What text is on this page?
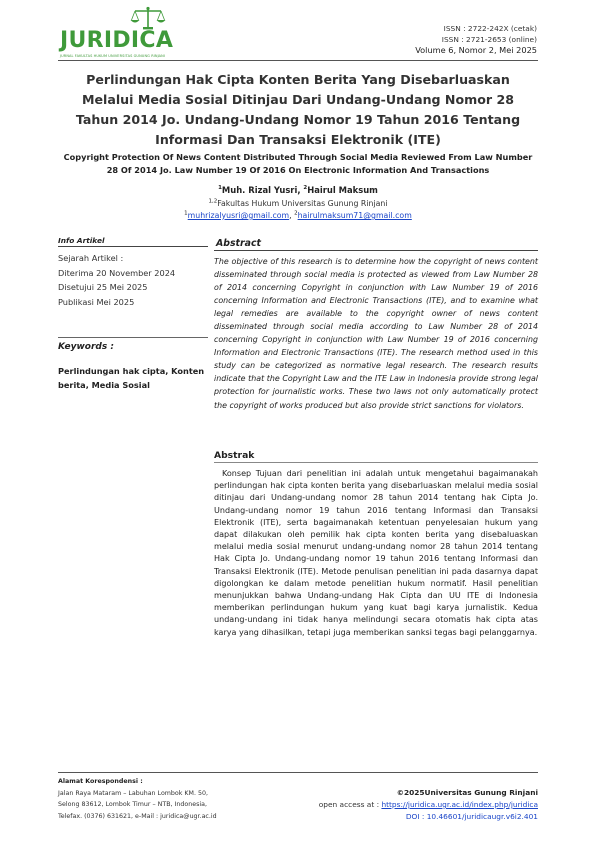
JURIDICA
JURNAL FAKULTAS HUKUM UNIVERSITAS GUNUNG RINJANI
ISSN : 2722-242X (cetak)
ISSN : 2721-2653 (online)
Volume 6, Nomor 2, Mei 2025
Perlindungan Hak Cipta Konten Berita Yang Disebarluaskan Melalui Media Sosial Ditinjau Dari Undang-Undang Nomor 28 Tahun 2014 Jo. Undang-Undang Nomor 19 Tahun 2016 Tentang Informasi Dan Transaksi Elektronik (ITE)
Copyright Protection Of News Content Distributed Through Social Media Reviewed From Law Number 28 Of 2014 Jo. Law Number 19 Of 2016 On Electronic Information And Transactions
$^1$Muh. Rizal Yusri, $^2$Hairul Maksum
$^{1,2}$Fakultas Hukum Universitas Gunung Rinjani
$^1$muhrizalyusri@gmail.com, $^2$hairulmaksum71@gmail.com
Info Artikel
Sejarah Artikel :
Diterima 20 November 2024
Disetujui 25 Mei 2025
Publikasi Mei 2025
Keywords :
Perlindungan hak cipta, Konten berita, Media Sosial
Abstract
The objective of this research is to determine how the copyright of news content disseminated through social media is protected as viewed from Law Number 28 of 2014 concerning Copyright in conjunction with Law Number 19 of 2016 concerning Information and Electronic Transactions (ITE), and to examine what legal remedies are available to the copyright owner of news content disseminated through social media according to Law Number 28 of 2014 concerning Copyright in conjunction with Law Number 19 of 2016 concerning Information and Electronic Transactions (ITE). The research method used in this study can be categorized as normative legal research. The research results indicate that the Copyright Law and the ITE Law in Indonesia provide strong legal protection for journalistic works. These two laws not only automatically protect the copyright of works produced but also provide strict sanctions for violators.
Abstrak
Konsep Tujuan dari penelitian ini adalah untuk mengetahui bagaimanakah perlindungan hak cipta konten berita yang disebarluaskan melalui media sosial ditinjau dari Undang-undang nomor 28 tahun 2014 tentang hak Cipta Jo. Undang-undang nomor 19 tahun 2016 tentang Informasi dan Transaksi Elektronik (ITE), serta bagaimanakah ketentuan penyelesaian hukum yang dapat dilakukan oleh pemilik hak cipta konten berita yang disebaluaskan melalui media sosial menurut undang-undang nomor 28 tahun 2014 tentang Hak Cipta Jo. Undang-undang nomor 19 tahun 2016 tentang Informasi dan Transaksi Elektronik (ITE). Metode penulisan penelitian ini pada dasarnya dapat digolongkan ke dalam metode penelitian hukum normatif. Hasil penelitian menunjukkan bahwa Undang-undang Hak Cipta dan UU ITE di Indonesia memberikan perlindungan hukum yang kuat bagi karya jurnalistik. Kedua undang-undang ini tidak hanya melindungi secara otomatis hak cipta atas karya yang dihasilkan, tetapi juga memberikan sanksi tegas bagi pelanggarnya.
Alamat Korespondensi :
Jalan Raya Mataram – Labuhan Lombok KM. 50,
Selong 83612, Lombok Timur – NTB, Indonesia,
Telefax. (0376) 631621, e-Mail : juridica@ugr.ac.id
©2025Universitas Gunung Rinjani
open access at : https://juridica.ugr.ac.id/index.php/juridica
DOI : 10.46601/juridicaugr.v6i2.401
